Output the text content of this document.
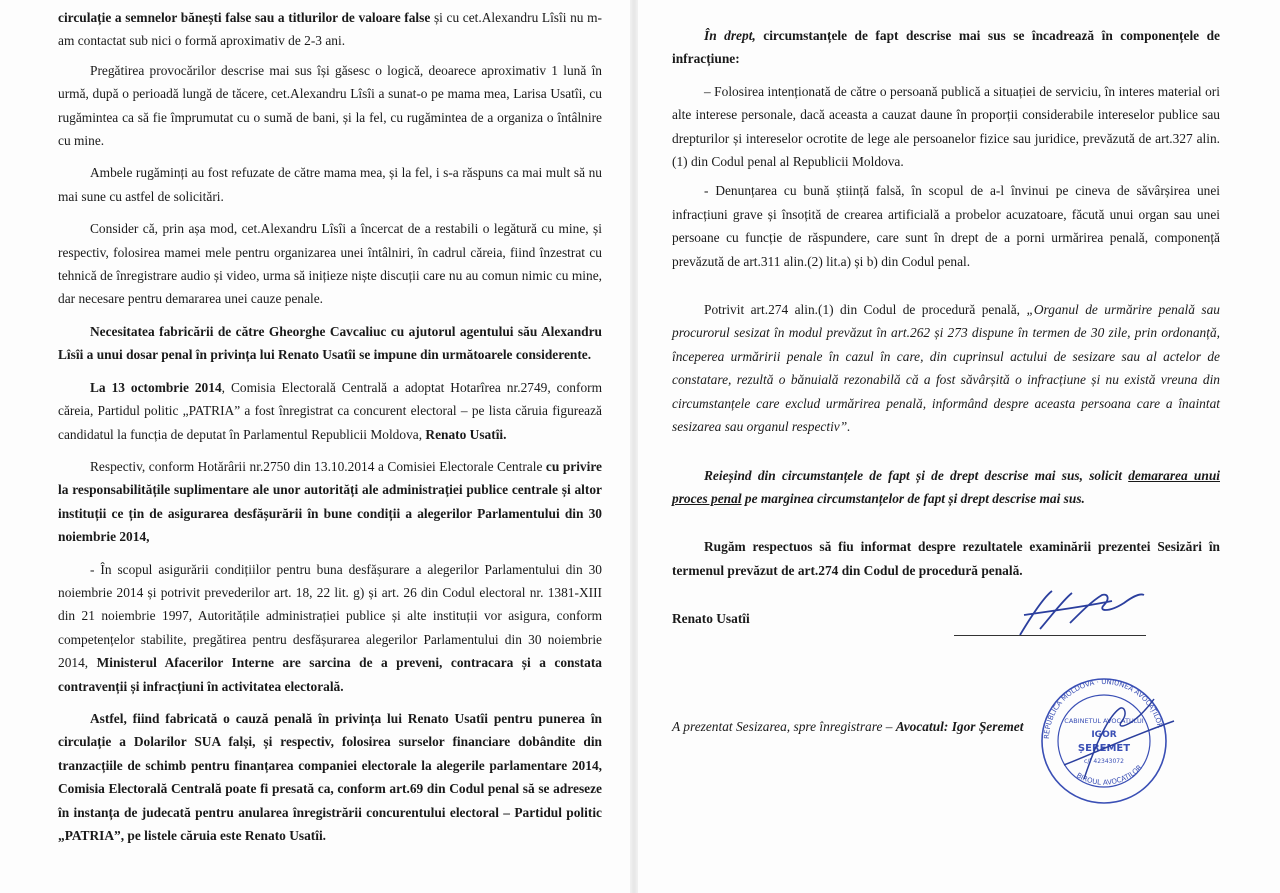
circulație a semnelor bănești false sau a titlurilor de valoare false și cu cet.Alexandru Lîsîi nu m-am contactat sub nici o formă aproximativ de 2-3 ani.

Pregătirea provocărilor descrise mai sus își găsesc o logică, deoarece aproximativ 1 lună în urmă, după o perioadă lungă de tăcere, cet.Alexandru Lîsîi a sunat-o pe mama mea, Larisa Usatîi, cu rugămintea ca să fie împrumutat cu o sumă de bani, și la fel, cu rugămintea de a organiza o întâlnire cu mine.

Ambele rugăminți au fost refuzate de către mama mea, și la fel, i s-a răspuns ca mai mult să nu mai sune cu astfel de solicitări.

Consider că, prin așa mod, cet.Alexandru Lîsîi a încercat de a restabili o legătură cu mine, și respectiv, folosirea mamei mele pentru organizarea unei întâlniri, în cadrul căreia, fiind înzestrat cu tehnică de înregistrare audio și video, urma să inițieze niște discuții care nu au comun nimic cu mine, dar necesare pentru demararea unei cauze penale.

Necesitatea fabricării de către Gheorghe Cavcaliuc cu ajutorul agentului său Alexandru Lîsîi a unui dosar penal în privința lui Renato Usatîi se impune din următoarele considerente.

La 13 octombrie 2014, Comisia Electorală Centrală a adoptat Hotarîrea nr.2749, conform căreia, Partidul politic „PATRIA” a fost înregistrat ca concurent electoral – pe lista căruia figurează candidatul la funcția de deputat în Parlamentul Republicii Moldova, Renato Usatîi.

Respectiv, conform Hotărârii nr.2750 din 13.10.2014 a Comisiei Electorale Centrale cu privire la responsabilitățile suplimentare ale unor autorități ale administrației publice centrale și altor instituții ce țin de asigurarea desfășurării în bune condiții a alegerilor Parlamentului din 30 noiembrie 2014,

- În scopul asigurării condițiilor pentru buna desfășurare a alegerilor Parlamentului din 30 noiembrie 2014 și potrivit prevederilor art. 18, 22 lit. g) și art. 26 din Codul electoral nr. 1381-XIII din 21 noiembrie 1997, Autoritățile administrației publice și alte instituții vor asigura, conform competențelor stabilite, pregătirea pentru desfășurarea alegerilor Parlamentului din 30 noiembrie 2014, Ministerul Afacerilor Interne are sarcina de a preveni, contracara și a constata contravenții și infracțiuni în activitatea electorală.

Astfel, fiind fabricată o cauză penală în privința lui Renato Usatîi pentru punerea în circulație a Dolarilor SUA falși, și respectiv, folosirea surselor financiare dobândite din tranzacțiile de schimb pentru finanțarea companiei electorale la alegerile parlamentare 2014, Comisia Electorală Centrală poate fi presată ca, conform art.69 din Codul penal să se adreseze în instanța de judecată pentru anularea înregistrării concurentului electoral – Partidul politic „PATRIA”, pe listele căruia este Renato Usatîi.

În drept, circumstanțele de fapt descrise mai sus se încadrează în componențele de infracțiune:

– Folosirea intenționată de către o persoană publică a situației de serviciu, în interes material ori alte interese personale, dacă aceasta a cauzat daune în proporții considerabile intereselor publice sau drepturilor și intereselor ocrotite de lege ale persoanelor fizice sau juridice, prevăzută de art.327 alin.(1) din Codul penal al Republicii Moldova.

- Denunțarea cu bună știință falsă, în scopul de a-l învinui pe cineva de săvârșirea unei infracțiuni grave și însoțită de crearea artificială a probelor acuzatoare, făcută unui organ sau unei persoane cu funcție de răspundere, care sunt în drept de a porni urmărirea penală, componență prevăzută de art.311 alin.(2) lit.a) și b) din Codul penal.

Potrivit art.274 alin.(1) din Codul de procedură penală, „Organul de urmărire penală sau procurorul sesizat în modul prevăzut în art.262 și 273 dispune în termen de 30 zile, prin ordonanță, începerea urmăririi penale în cazul în care, din cuprinsul actului de sesizare sau al actelor de constatare, rezultă o bănuială rezonabilă că a fost săvârșită o infracțiune și nu există vreuna din circumstanțele care exclud urmărirea penală, informând despre aceasta persoana care a înaintat sesizarea sau organul respectiv”.

Reieșind din circumstanțele de fapt și de drept descrise mai sus, solicit demararea unui proces penal pe marginea circumstanțelor de fapt și drept descrise mai sus.

Rugăm respectuos să fiu informat despre rezultatele examinării prezentei Sesizări în termenul prevăzut de art.274 din Codul de procedură penală.

Renato Usatîi
A prezentat Sesizarea, spre înregistrare – Avocatul: Igor Șeremet
REPUBLICA MOLDOVA · UNIUNEA AVOCAȚILOR
BIROUL AVOCAȚILOR
CABINETUL AVOCATULUI
IGOR
ȘEREMET
c/f 42343072
